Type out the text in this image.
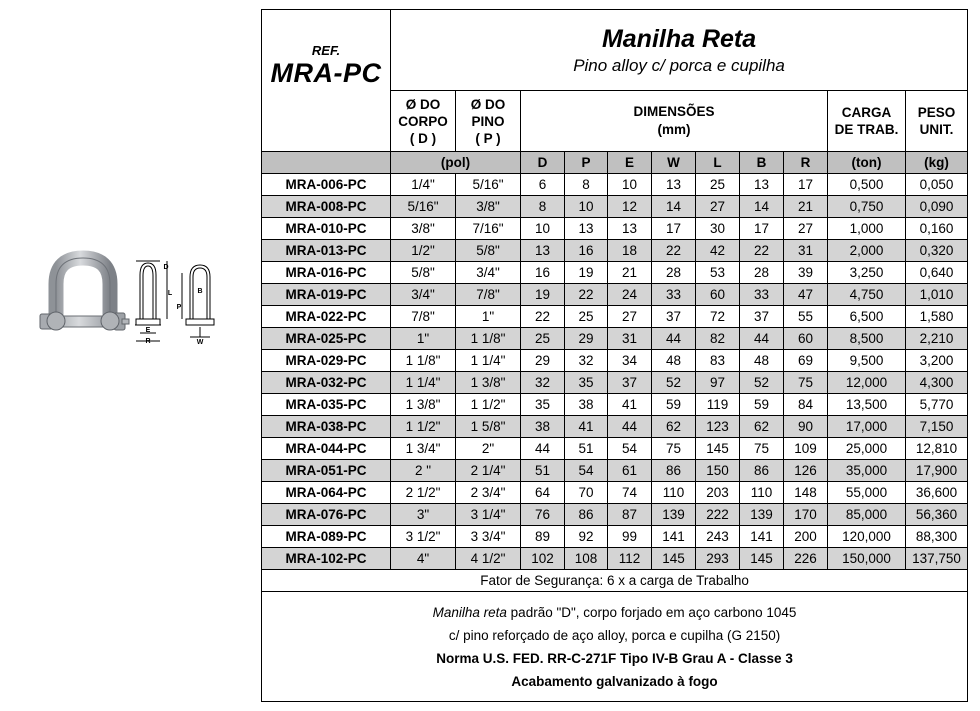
D
L
P
B
E
R	W
REF.
MRA-PC	Manilha Reta
Pino alloy c/ porca e cupilha										

	Ø DO
CORPO
( D )	Ø DO
PINO
( P )	DIMENSÕES
(mm)							CARGA
DE TRAB.	PESO
UNIT.
	(pol)		D	P	E	W	L	B	R	(ton)	(kg)
MRA-006-PC	1/4"	5/16"	6	8	10	13	25	13	17	0,500	0,050
MRA-008-PC	5/16"	3/8"	8	10	12	14	27	14	21	0,750	0,090
MRA-010-PC	3/8"	7/16"	10	13	13	17	30	17	27	1,000	0,160
MRA-013-PC	1/2"	5/8"	13	16	18	22	42	22	31	2,000	0,320
MRA-016-PC	5/8"	3/4"	16	19	21	28	53	28	39	3,250	0,640
MRA-019-PC	3/4"	7/8"	19	22	24	33	60	33	47	4,750	1,010
MRA-022-PC	7/8"	1"	22	25	27	37	72	37	55	6,500	1,580
MRA-025-PC	1"	1 1/8"	25	29	31	44	82	44	60	8,500	2,210
MRA-029-PC	1 1/8"	1 1/4"	29	32	34	48	83	48	69	9,500	3,200
MRA-032-PC	1 1/4"	1 3/8"	32	35	37	52	97	52	75	12,000	4,300
MRA-035-PC	1 3/8"	1 1/2"	35	38	41	59	119	59	84	13,500	5,770
MRA-038-PC	1 1/2"	1 5/8"	38	41	44	62	123	62	90	17,000	7,150
MRA-044-PC	1 3/4"	2"	44	51	54	75	145	75	109	25,000	12,810
MRA-051-PC	2 "	2 1/4"	51	54	61	86	150	86	126	35,000	17,900
MRA-064-PC	2 1/2"	2 3/4"	64	70	74	110	203	110	148	55,000	36,600
MRA-076-PC	3"	3 1/4"	76	86	87	139	222	139	170	85,000	56,360
MRA-089-PC	3 1/2"	3 3/4"	89	92	99	141	243	141	200	120,000	88,300
MRA-102-PC	4"	4 1/2"	102	108	112	145	293	145	226	150,000	137,750
Fator de Segurança: 6 x a carga de Trabalho											
Manilha reta padrão "D", corpo forjado em aço carbono 1045
c/ pino reforçado de aço alloy, porca e cupilha (G 2150)
Norma U.S. FED. RR-C-271F Tipo IV-B Grau A - Classe 3
Acabamento galvanizado à fogo											
